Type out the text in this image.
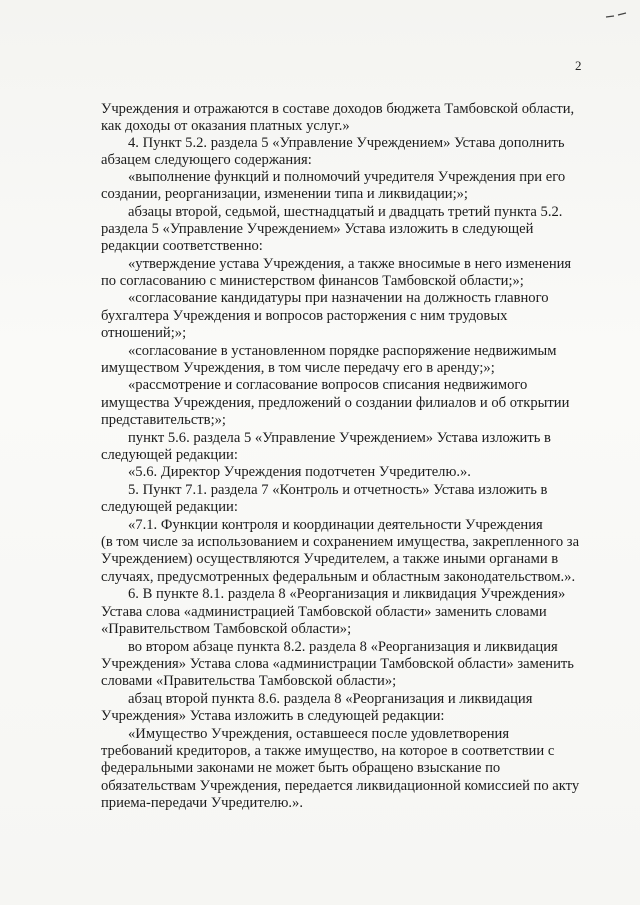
2
Учреждения и отражаются в составе доходов бюджета Тамбовской области,
как доходы от оказания платных услуг.»
4. Пункт 5.2. раздела 5 «Управление Учреждением» Устава дополнить
абзацем следующего содержания:
«выполнение функций и полномочий учредителя Учреждения при его
создании, реорганизации, изменении типа и ликвидации;»;
абзацы второй, седьмой, шестнадцатый и двадцать третий пункта 5.2.
раздела 5 «Управление Учреждением» Устава изложить в следующей
редакции соответственно:
«утверждение устава Учреждения, а также вносимые в него изменения
по согласованию с министерством финансов Тамбовской области;»;
«согласование кандидатуры при назначении на должность главного
бухгалтера Учреждения и вопросов расторжения с ним трудовых
отношений;»;
«согласование в установленном порядке распоряжение недвижимым
имуществом Учреждения, в том числе передачу его в аренду;»;
«рассмотрение и согласование вопросов списания недвижимого
имущества Учреждения, предложений о создании филиалов и об открытии
представительств;»;
пункт 5.6. раздела 5 «Управление Учреждением» Устава изложить в
следующей редакции:
«5.6. Директор Учреждения подотчетен Учредителю.».
5. Пункт 7.1. раздела 7 «Контроль и отчетность» Устава изложить в
следующей редакции:
«7.1. Функции контроля и координации деятельности Учреждения
(в том числе за использованием и сохранением имущества, закрепленного за
Учреждением) осуществляются Учредителем, а также иными органами в
случаях, предусмотренных федеральным и областным законодательством.».
6. В пункте 8.1. раздела 8 «Реорганизация и ликвидация Учреждения»
Устава слова «администрацией Тамбовской области» заменить словами
«Правительством Тамбовской области»;
во втором абзаце пункта 8.2. раздела 8 «Реорганизация и ликвидация
Учреждения» Устава слова «администрации Тамбовской области» заменить
словами «Правительства Тамбовской области»;
абзац второй пункта 8.6. раздела 8 «Реорганизация и ликвидация
Учреждения» Устава изложить в следующей редакции:
«Имущество Учреждения, оставшееся после удовлетворения
требований кредиторов, а также имущество, на которое в соответствии с
федеральными законами не может быть обращено взыскание по
обязательствам Учреждения, передается ликвидационной комиссией по акту
приема-передачи Учредителю.».
